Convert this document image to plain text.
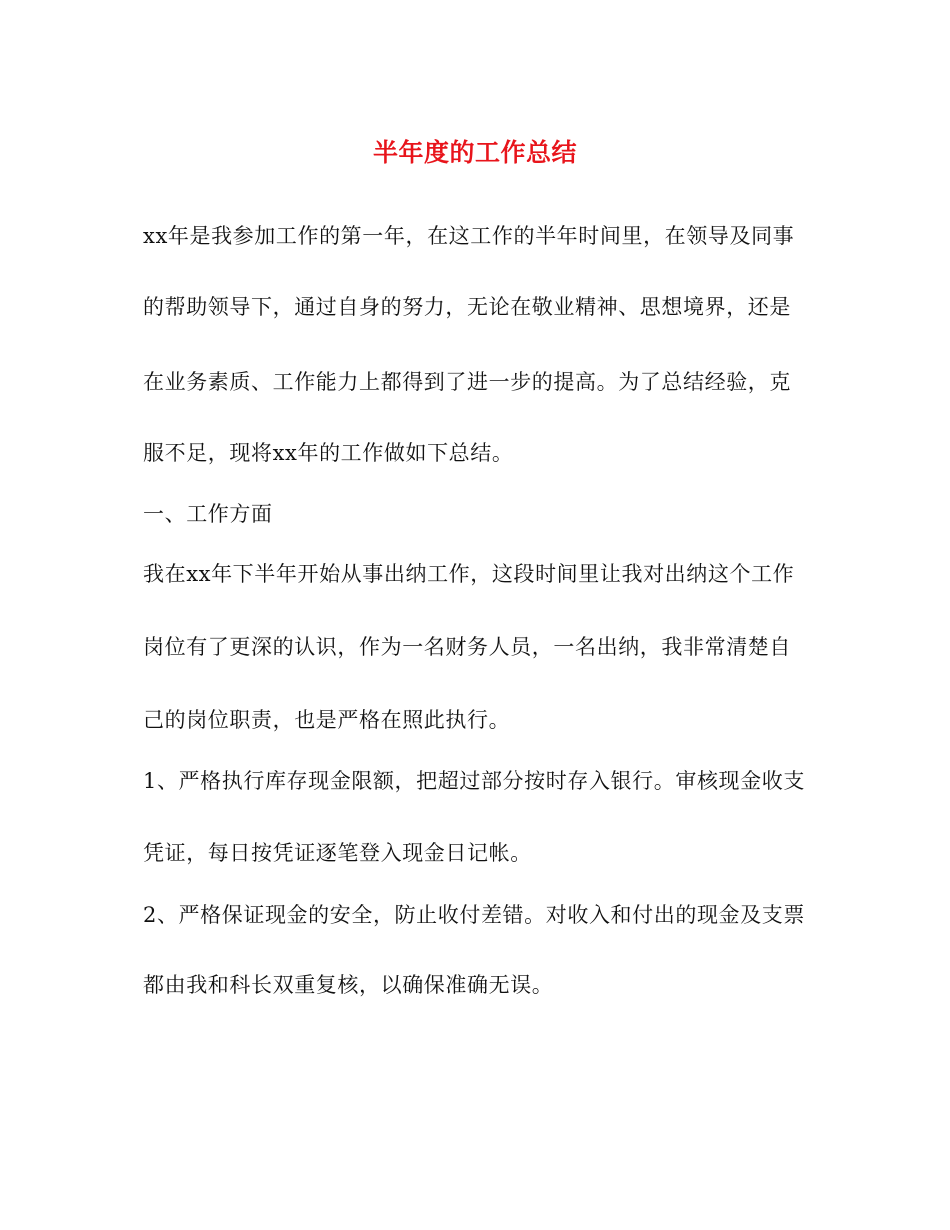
半年度的工作总结
xx年是我参加工作的第一年，在这工作的半年时间里，在领导及同事
的帮助领导下，通过自身的努力，无论在敬业精神、思想境界，还是
在业务素质、工作能力上都得到了进一步的提高。为了总结经验，克
服不足，现将xx年的工作做如下总结。
一、工作方面
我在xx年下半年开始从事出纳工作，这段时间里让我对出纳这个工作
岗位有了更深的认识，作为一名财务人员，一名出纳，我非常清楚自
己的岗位职责，也是严格在照此执行。
1、严格执行库存现金限额，把超过部分按时存入银行。审核现金收支
凭证，每日按凭证逐笔登入现金日记帐。
2、严格保证现金的安全，防止收付差错。对收入和付出的现金及支票
都由我和科长双重复核，以确保准确无误。
